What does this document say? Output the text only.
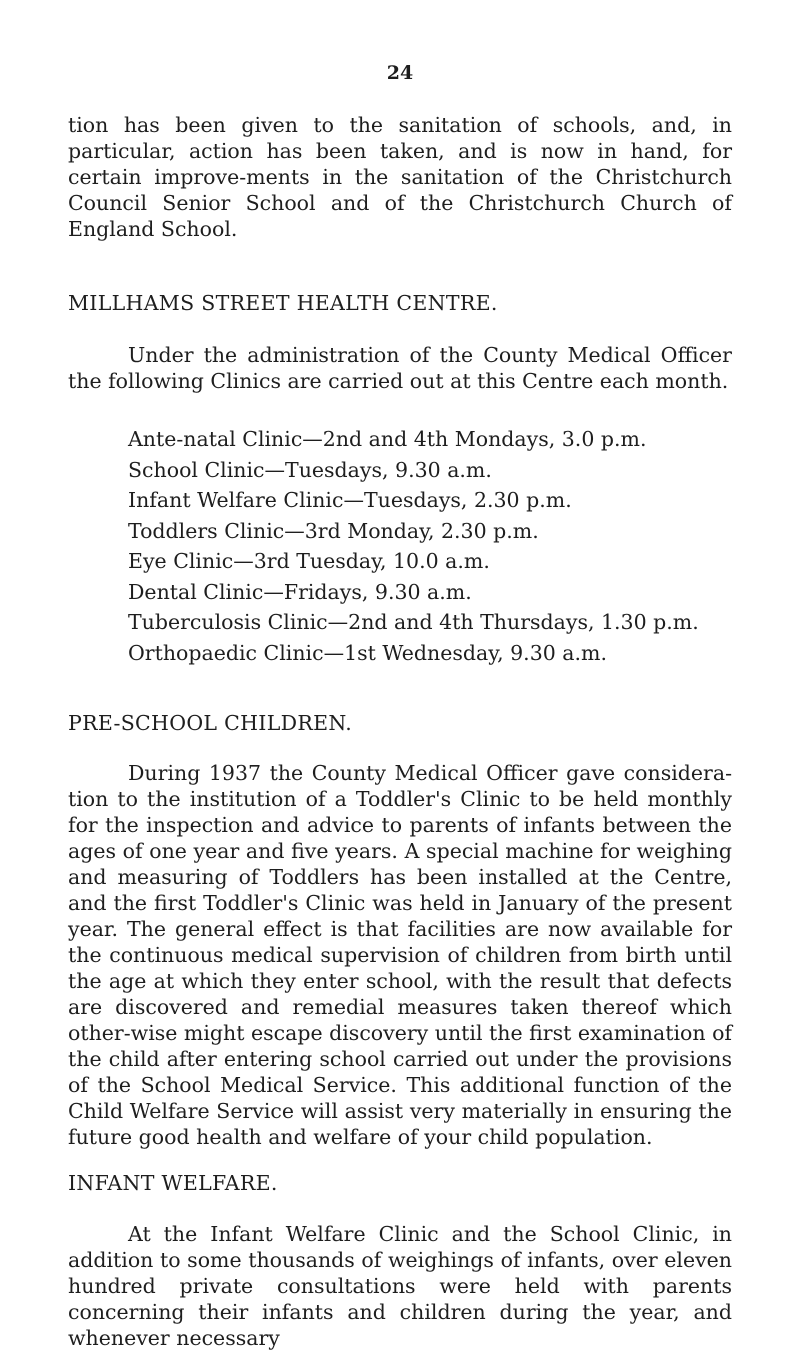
24

tion has been given to the sanitation of schools, and, in particular, action has been taken, and is now in hand, for certain improve-ments in the sanitation of the Christchurch Council Senior School and of the Christchurch Church of England School.

MILLHAMS STREET HEALTH CENTRE.

Under the administration of the County Medical Officer the following Clinics are carried out at this Centre each month.

Ante-natal Clinic—2nd and 4th Mondays, 3.0 p.m.
School Clinic—Tuesdays, 9.30 a.m.
Infant Welfare Clinic—Tuesdays, 2.30 p.m.
Toddlers Clinic—3rd Monday, 2.30 p.m.
Eye Clinic—3rd Tuesday, 10.0 a.m.
Dental Clinic—Fridays, 9.30 a.m.
Tuberculosis Clinic—2nd and 4th Thursdays, 1.30 p.m.
Orthopaedic Clinic—1st Wednesday, 9.30 a.m.
PRE-SCHOOL CHILDREN.

During 1937 the County Medical Officer gave considera-tion to the institution of a Toddler's Clinic to be held monthly for the inspection and advice to parents of infants between the ages of one year and five years. A special machine for weighing and measuring of Toddlers has been installed at the Centre, and the first Toddler's Clinic was held in January of the present year. The general effect is that facilities are now available for the continuous medical supervision of children from birth until the age at which they enter school, with the result that defects are discovered and remedial measures taken thereof which other-wise might escape discovery until the first examination of the child after entering school carried out under the provisions of the School Medical Service. This additional function of the Child Welfare Service will assist very materially in ensuring the future good health and welfare of your child population.

INFANT WELFARE.

At the Infant Welfare Clinic and the School Clinic, in addition to some thousands of weighings of infants, over eleven hundred private consultations were held with parents concerning their infants and children during the year, and whenever necessary
